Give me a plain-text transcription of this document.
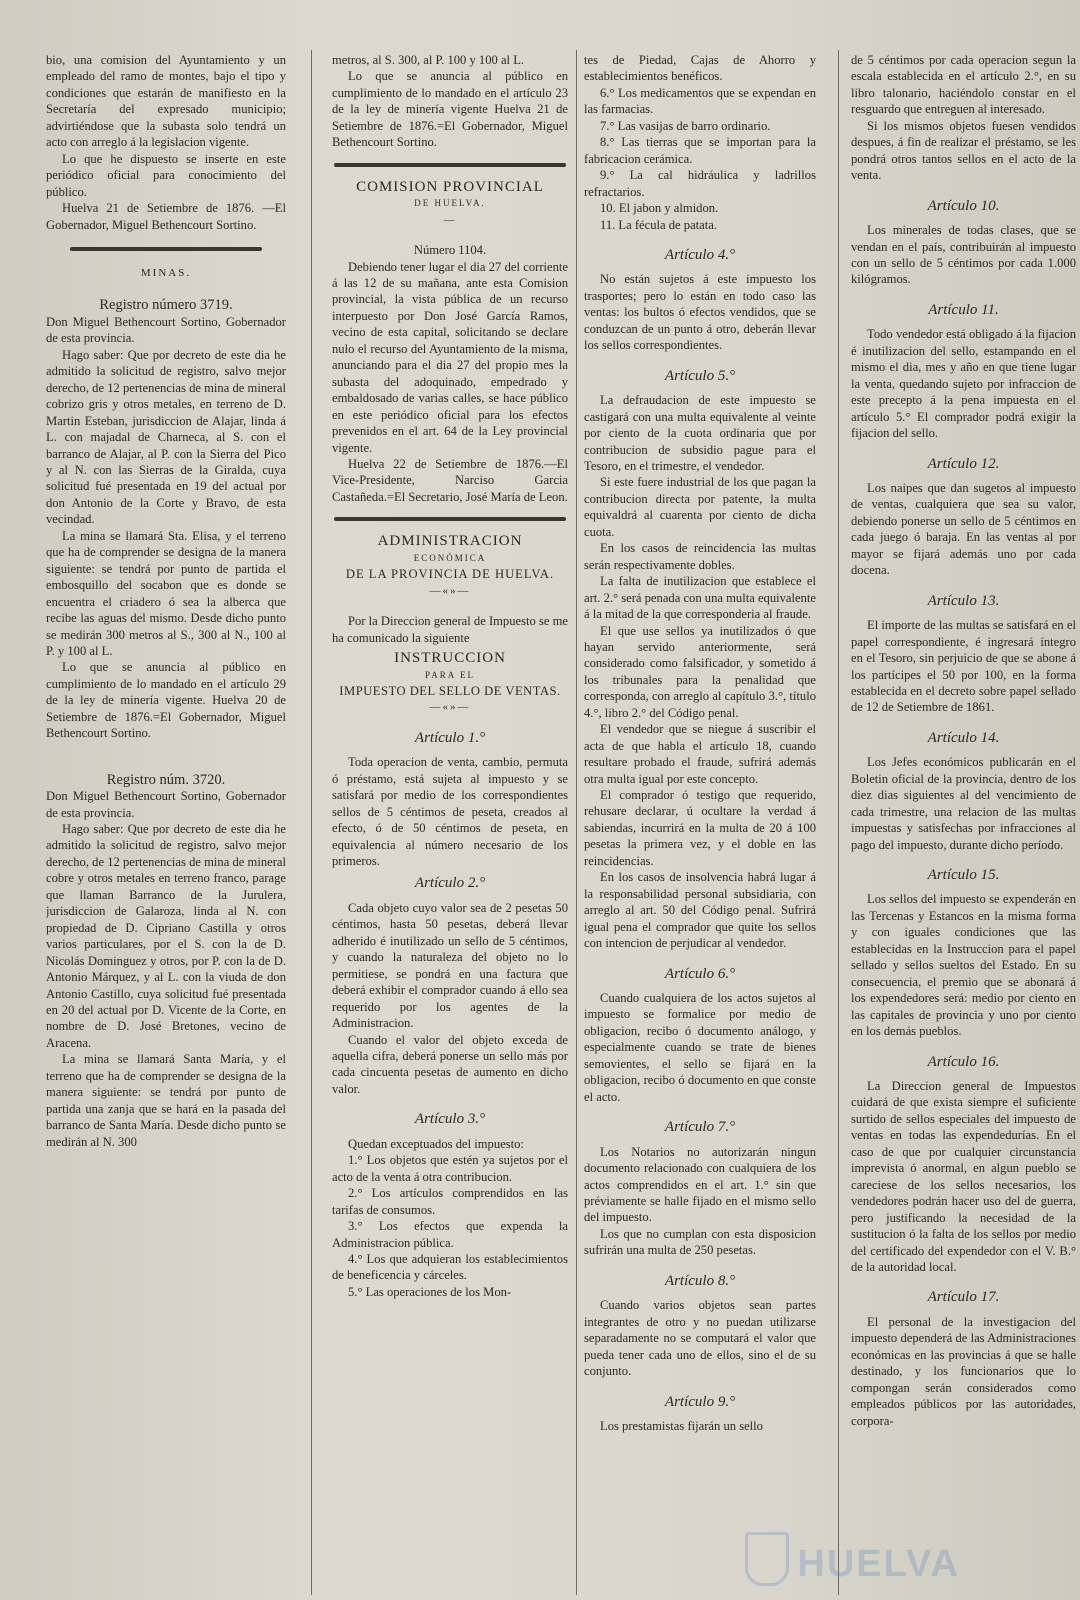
bio, una comision del Ayuntamiento y un empleado del ramo de montes, bajo el tipo y condiciones que estarán de manifiesto en la Secretaría del expresado municipio; advirtiéndose que la subasta solo tendrá un acto con arreglo á la legislacion vigente.

Lo que he dispuesto se inserte en este periódico oficial para conocimiento del público.

Huelva 21 de Setiembre de 1876. —El Gobernador, Miguel Bethencourt Sortino.

MINAS.

Registro número 3719.

Don Miguel Bethencourt Sortino, Gobernador de esta provincia.

Hago saber: Que por decreto de este dia he admitido la solicitud de registro, salvo mejor derecho, de 12 pertenencias de mina de mineral cobrizo gris y otros metales, en terreno de D. Martin Esteban, jurisdiccion de Alajar, linda á L. con majadal de Charneca, al S. con el barranco de Alajar, al P. con la Sierra del Pico y al N. con las Sierras de la Giralda, cuya solicitud fué presentada en 19 del actual por don Antonio de la Corte y Bravo, de esta vecindad.

La mina se llamará Sta. Elisa, y el terreno que ha de comprender se designa de la manera siguiente: se tendrá por punto de partida el embosquillo del socabon que es donde se encuentra el criadero ó sea la alberca que recibe las aguas del mismo. Desde dicho punto se medirán 300 metros al S., 300 al N., 100 al P. y 100 al L.

Lo que se anuncia al público en cumplimiento de lo mandado en el artículo 29 de la ley de minería vigente. Huelva 20 de Setiembre de 1876.=El Gobernador, Miguel Bethencourt Sortino.

Registro núm. 3720.

Don Miguel Bethencourt Sortino, Gobernador de esta provincia.

Hago saber: Que por decreto de este dia he admitido la solicitud de registro, salvo mejor derecho, de 12 pertenencias de mina de mineral cobre y otros metales en terreno franco, parage que llaman Barranco de la Jurulera, jurisdiccion de Galaroza, linda al N. con propiedad de D. Cipriano Castilla y otros varios particulares, por el S. con la de D. Nicolás Dominguez y otros, por P. con la de D. Antonio Márquez, y al L. con la viuda de don Antonio Castillo, cuya solicitud fué presentada en 20 del actual por D. Vicente de la Corte, en nombre de D. José Bretones, vecino de Aracena.

La mina se llamará Santa María, y el terreno que ha de comprender se designa de la manera siguiente: se tendrá por punto de partida una zanja que se hará en la pasada del barranco de Santa María. Desde dicho punto se medirán al N. 300

metros, al S. 300, al P. 100 y 100 al L.

Lo que se anuncia al público en cumplimiento de lo mandado en el artículo 23 de la ley de minería vigente Huelva 21 de Setiembre de 1876.=El Gobernador, Miguel Bethencourt Sortino.

COMISION PROVINCIAL

DE HUELVA.

—

Número 1104.

Debiendo tener lugar el dia 27 del corriente á las 12 de su mañana, ante esta Comision provincial, la vista pública de un recurso interpuesto por Don José García Ramos, vecino de esta capital, solicitando se declare nulo el recurso del Ayuntamiento de la misma, anunciando para el dia 27 del propio mes la subasta del adoquinado, empedrado y embaldosado de varias calles, se hace público en este periódico oficial para los efectos prevenidos en el art. 64 de la Ley provincial vigente.

Huelva 22 de Setiembre de 1876.—El Vice-Presidente, Narciso Garcia Castañeda.=El Secretario, José María de Leon.

ADMINISTRACION

ECONÓMICA

DE LA PROVINCIA DE HUELVA.

—«»—

Por la Direccion general de Impuesto se me ha comunicado la siguiente

INSTRUCCION

PARA EL

IMPUESTO DEL SELLO DE VENTAS.

—«»—

Artículo 1.°

Toda operacion de venta, cambio, permuta ó préstamo, está sujeta al impuesto y se satisfará por medio de los correspondientes sellos de 5 céntimos de peseta, creados al efecto, ó de 50 céntimos de peseta, en equivalencia al número necesario de los primeros.

Artículo 2.°

Cada objeto cuyo valor sea de 2 pesetas 50 céntimos, hasta 50 pesetas, deberá llevar adherido é inutilizado un sello de 5 céntimos, y cuando la naturaleza del objeto no lo permitiese, se pondrá en una factura que deberá exhibir el comprador cuando á ello sea requerido por los agentes de la Administracion.

Cuando el valor del objeto exceda de aquella cifra, deberá ponerse un sello más por cada cincuenta pesetas de aumento en dicho valor.

Artículo 3.°

Quedan exceptuados del impuesto:

1.° Los objetos que estén ya sujetos por el acto de la venta á otra contribucion.

2.° Los artículos comprendidos en las tarifas de consumos.

3.° Los efectos que expenda la Administracion pública.

4.° Los que adquieran los establecimientos de beneficencia y cárceles.

5.° Las operaciones de los Mon-

tes de Piedad, Cajas de Ahorro y establecimientos benéficos.

6.° Los medicamentos que se expendan en las farmacias.

7.° Las vasijas de barro ordinario.

8.° Las tierras que se importan para la fabricacion cerámica.

9.° La cal hidráulica y ladrillos refractarios.

10. El jabon y almidon.

11. La fécula de patata.

Artículo 4.°

No están sujetos á este impuesto los trasportes; pero lo están en todo caso las ventas: los bultos ó efectos vendidos, que se conduzcan de un punto á otro, deberán llevar los sellos correspondientes.

Artículo 5.°

La defraudacion de este impuesto se castigará con una multa equivalente al veinte por ciento de la cuota ordinaria que por contribucion de subsidio pague para el Tesoro, en el trimestre, el vendedor.

Si este fuere industrial de los que pagan la contribucion directa por patente, la multa equivaldrá al cuarenta por ciento de dicha cuota.

En los casos de reincidencia las multas serán respectivamente dobles.

La falta de inutilizacion que establece el art. 2.° será penada con una multa equivalente á la mitad de la que corresponderia al fraude.

El que use sellos ya inutilizados ó que hayan servido anteriormente, será considerado como falsificador, y sometido á los tribunales para la penalidad que corresponda, con arreglo al capítulo 3.°, título 4.°, libro 2.° del Código penal.

El vendedor que se niegue á suscribir el acta de que habla el artículo 18, cuando resultare probado el fraude, sufrirá además otra multa igual por este concepto.

El comprador ó testigo que requerido, rehusare declarar, ú ocultare la verdad á sabiendas, incurrirá en la multa de 20 á 100 pesetas la primera vez, y el doble en las reincidencias.

En los casos de insolvencia habrá lugar á la responsabilidad personal subsidiaria, con arreglo al art. 50 del Código penal. Sufrirá igual pena el comprador que quite los sellos con intencion de perjudicar al vendedor.

Artículo 6.°

Cuando cualquiera de los actos sujetos al impuesto se formalice por medio de obligacion, recibo ó documento análogo, y especialmente cuando se trate de bienes semovientes, el sello se fijará en la obligacion, recibo ó documento en que conste el acto.

Artículo 7.°

Los Notarios no autorizarán ningun documento relacionado con cualquiera de los actos comprendidos en el art. 1.° sin que préviamente se halle fijado en el mismo sello del impuesto.

Los que no cumplan con esta disposicion sufrirán una multa de 250 pesetas.

Artículo 8.°

Cuando varios objetos sean partes integrantes de otro y no puedan utilizarse separadamente no se computará el valor que pueda tener cada uno de ellos, sino el de su conjunto.

Artículo 9.°

Los prestamistas fijarán un sello

de 5 céntimos por cada operacion segun la escala establecida en el artículo 2.°, en su libro talonario, haciéndolo constar en el resguardo que entreguen al interesado.

Si los mismos objetos fuesen vendidos despues, á fin de realizar el préstamo, se les pondrá otros tantos sellos en el acto de la venta.

Artículo 10.

Los minerales de todas clases, que se vendan en el país, contribuirán al impuesto con un sello de 5 céntimos por cada 1.000 kilógramos.

Artículo 11.

Todo vendedor está obligado á la fijacion é inutilizacion del sello, estampando en el mismo el dia, mes y año en que tiene lugar la venta, quedando sujeto por infraccion de este precepto á la pena impuesta en el artículo 5.° El comprador podrá exigir la fijacion del sello.

Artículo 12.

Los naipes que dan sugetos al impuesto de ventas, cualquiera que sea su valor, debiendo ponerse un sello de 5 céntimos en cada juego ó baraja. En las ventas al por mayor se fijará además uno por cada docena.

Artículo 13.

El importe de las multas se satisfará en el papel correspondiente, é ingresará íntegro en el Tesoro, sin perjuicio de que se abone á los partícipes el 50 por 100, en la forma establecida en el decreto sobre papel sellado de 12 de Setiembre de 1861.

Artículo 14.

Los Jefes económicos publicarán en el Boletin oficial de la provincia, dentro de los diez dias siguientes al del vencimiento de cada trimestre, una relacion de las multas impuestas y satisfechas por infracciones al pago del impuesto, durante dicho período.

Artículo 15.

Los sellos del impuesto se expenderán en las Tercenas y Estancos en la misma forma y con iguales condiciones que las establecidas en la Instruccion para el papel sellado y sellos sueltos del Estado. En su consecuencia, el premio que se abonará á los expendedores será: medio por ciento en las capitales de provincia y uno por ciento en los demás pueblos.

Artículo 16.

La Direccion general de Impuestos cuidará de que exista siempre el suficiente surtido de sellos especiales del impuesto de ventas en todas las expendedurías. En el caso de que por cualquier circunstancia imprevista ó anormal, en algun pueblo se careciese de los sellos necesarios, los vendedores podrán hacer uso del de guerra, pero justificando la necesidad de la sustitucion ó la falta de los sellos por medio del certificado del expendedor con el V. B.° de la autoridad local.

Artículo 17.

El personal de la investigacion del impuesto dependerá de las Administraciones económicas en las provincias á que se halle destinado, y los funcionarios que lo compongan serán considerados como empleados públicos por las autoridades, corpora-

HUELVA
